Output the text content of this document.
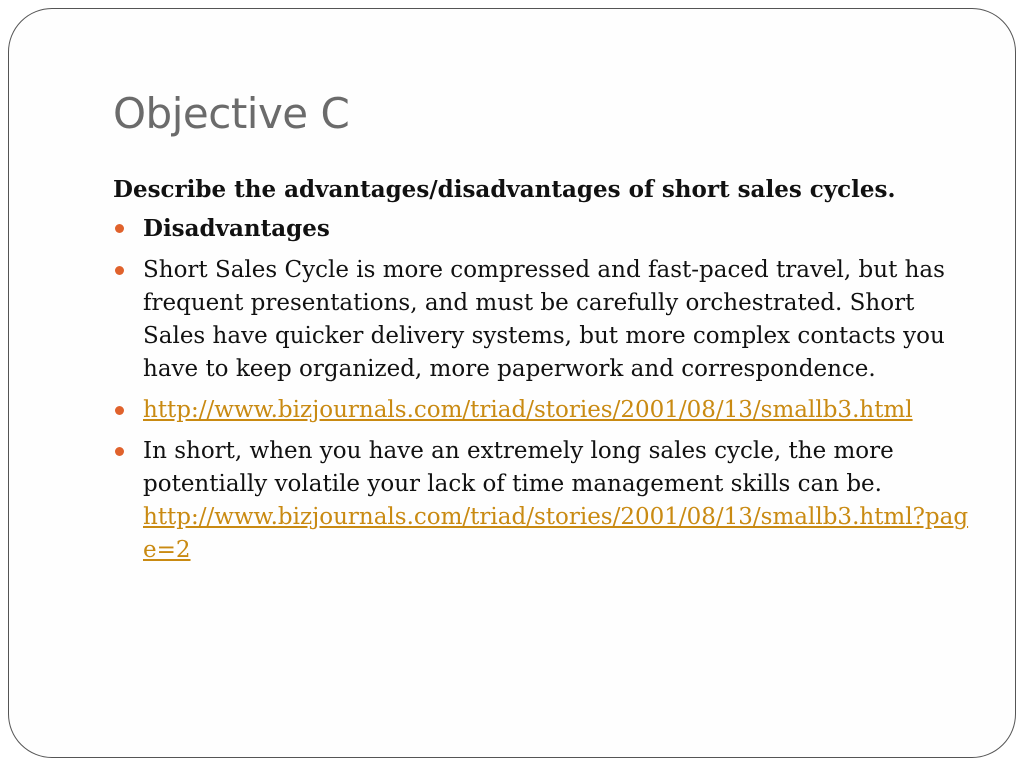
Objective C

Describe the advantages/disadvantages of short sales cycles.

Disadvantages
Short Sales Cycle is more compressed and fast-paced travel, but has frequent presentations, and must be carefully orchestrated. Short Sales have quicker delivery systems, but more complex contacts you have to keep organized, more paperwork and correspondence.
http://www.bizjournals.com/triad/stories/2001/08/13/smallb3.html
In short, when you have an extremely long sales cycle, the more potentially volatile your lack of time management skills can be.
http://www.bizjournals.com/triad/stories/2001/08/13/smallb3.html?page=2
